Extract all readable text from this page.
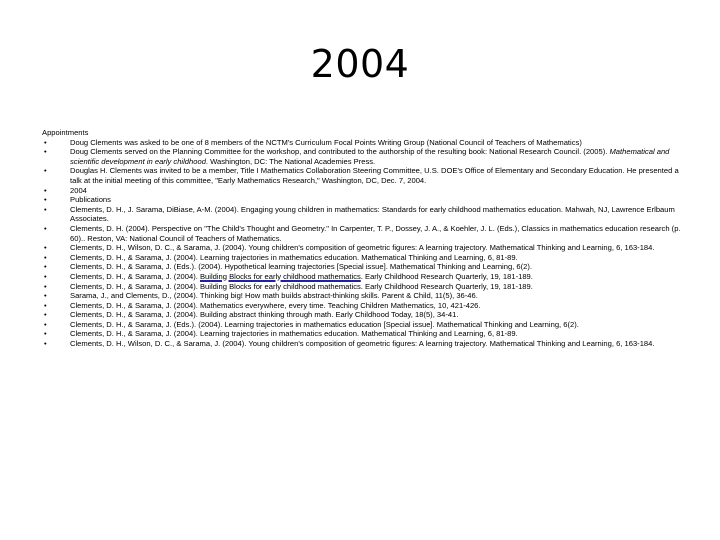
2004

Appointments

• Doug Clements was asked to be one of 8 members of the NCTM's Curriculum Focal Points Writing Group (National Council of Teachers of Mathematics)
• Doug Clements served on the Planning Committee for the workshop, and contributed to the authorship of the resulting book: National Research Council. (2005). Mathematical and scientific development in early childhood. Washington, DC: The National Academies Press.
• Douglas H. Clements was invited to be a member, Title I Mathematics Collaboration Steering Committee, U.S. DOE's Office of Elementary and Secondary Education. He presented a talk at the initial meeting of this committee, "Early Mathematics Research," Washington, DC, Dec. 7, 2004.
• 2004
• Publications
• Clements, D. H., J. Sarama, DiBiase, A-M. (2004). Engaging young children in mathematics: Standards for early childhood mathematics education. Mahwah, NJ, Lawrence Erlbaum Associates.
• Clements, D. H. (2004). Perspective on "The Child's Thought and Geometry." In Carpenter, T. P., Dossey, J. A., & Koehler, J. L. (Eds.), Classics in mathematics education research (p. 60).. Reston, VA: National Council of Teachers of Mathematics.
• Clements, D. H., Wilson, D. C., & Sarama, J. (2004). Young children's composition of geometric figures: A learning trajectory. Mathematical Thinking and Learning, 6, 163-184.
• Clements, D. H., & Sarama, J. (2004). Learning trajectories in mathematics education. Mathematical Thinking and Learning, 6, 81-89.
• Clements, D. H., & Sarama, J. (Eds.). (2004). Hypothetical learning trajectories [Special issue]. Mathematical Thinking and Learning, 6(2).
• Clements, D. H., & Sarama, J. (2004). Building Blocks for early childhood mathematics. Early Childhood Research Quarterly, 19, 181-189.
• Clements, D. H., & Sarama, J. (2004). Building Blocks for early childhood mathematics. Early Childhood Research Quarterly, 19, 181-189.
• Sarama, J., and Clements, D., (2004). Thinking big! How math builds abstract-thinking skills. Parent & Child, 11(5), 36-46.
• Clements, D. H., & Sarama, J. (2004). Mathematics everywhere, every time. Teaching Children Mathematics, 10, 421-426.
• Clements, D. H., & Sarama, J. (2004). Building abstract thinking through math. Early Childhood Today, 18(5), 34-41.
• Clements, D. H., & Sarama, J. (Eds.). (2004). Learning trajectories in mathematics education [Special issue]. Mathematical Thinking and Learning, 6(2).
• Clements, D. H., & Sarama, J. (2004). Learning trajectories in mathematics education. Mathematical Thinking and Learning, 6, 81-89.
• Clements, D. H., Wilson, D. C., & Sarama, J. (2004). Young children's composition of geometric figures: A learning trajectory. Mathematical Thinking and Learning, 6, 163-184.
